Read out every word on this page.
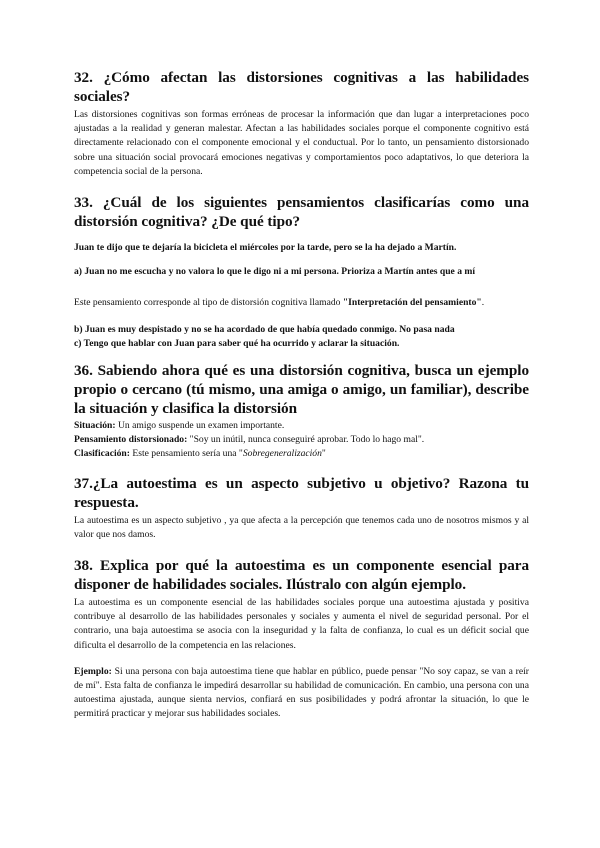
32. ¿Cómo afectan las distorsiones cognitivas a las habilidades sociales?

Las distorsiones cognitivas son formas erróneas de procesar la información que dan lugar a interpretaciones poco ajustadas a la realidad y generan malestar. Afectan a las habilidades sociales porque el componente cognitivo está directamente relacionado con el componente emocional y el conductual. Por lo tanto, un pensamiento distorsionado sobre una situación social provocará emociones negativas y comportamientos poco adaptativos, lo que deteriora la competencia social de la persona.

33. ¿Cuál de los siguientes pensamientos clasificarías como una distorsión cognitiva? ¿De qué tipo?

Juan te dijo que te dejaría la bicicleta el miércoles por la tarde, pero se la ha dejado a Martín.

a) Juan no me escucha y no valora lo que le digo ni a mi persona. Prioriza a Martín antes que a mí

Este pensamiento corresponde al tipo de distorsión cognitiva llamado "Interpretación del pensamiento".

b) Juan es muy despistado y no se ha acordado de que había quedado conmigo. No pasa nada

c) Tengo que hablar con Juan para saber qué ha ocurrido y aclarar la situación.

36. Sabiendo ahora qué es una distorsión cognitiva, busca un ejemplo propio o cercano (tú mismo, una amiga o amigo, un familiar), describe la situación y clasifica la distorsión

Situación: Un amigo suspende un examen importante.

Pensamiento distorsionado: "Soy un inútil, nunca conseguiré aprobar. Todo lo hago mal".

Clasificación: Este pensamiento sería una "Sobregeneralización"

37.¿La autoestima es un aspecto subjetivo u objetivo? Razona tu respuesta.

La autoestima es un aspecto subjetivo , ya que afecta a la percepción que tenemos cada uno de nosotros mismos y al valor que nos damos.

38. Explica por qué la autoestima es un componente esencial para disponer de habilidades sociales. Ilústralo con algún ejemplo.

La autoestima es un componente esencial de las habilidades sociales porque una autoestima ajustada y positiva contribuye al desarrollo de las habilidades personales y sociales y aumenta el nivel de seguridad personal. Por el contrario, una baja autoestima se asocia con la inseguridad y la falta de confianza, lo cual es un déficit social que dificulta el desarrollo de la competencia en las relaciones.

Ejemplo: Si una persona con baja autoestima tiene que hablar en público, puede pensar "No soy capaz, se van a reír de mí". Esta falta de confianza le impedirá desarrollar su habilidad de comunicación. En cambio, una persona con una autoestima ajustada, aunque sienta nervios, confiará en sus posibilidades y podrá afrontar la situación, lo que le permitirá practicar y mejorar sus habilidades sociales.
